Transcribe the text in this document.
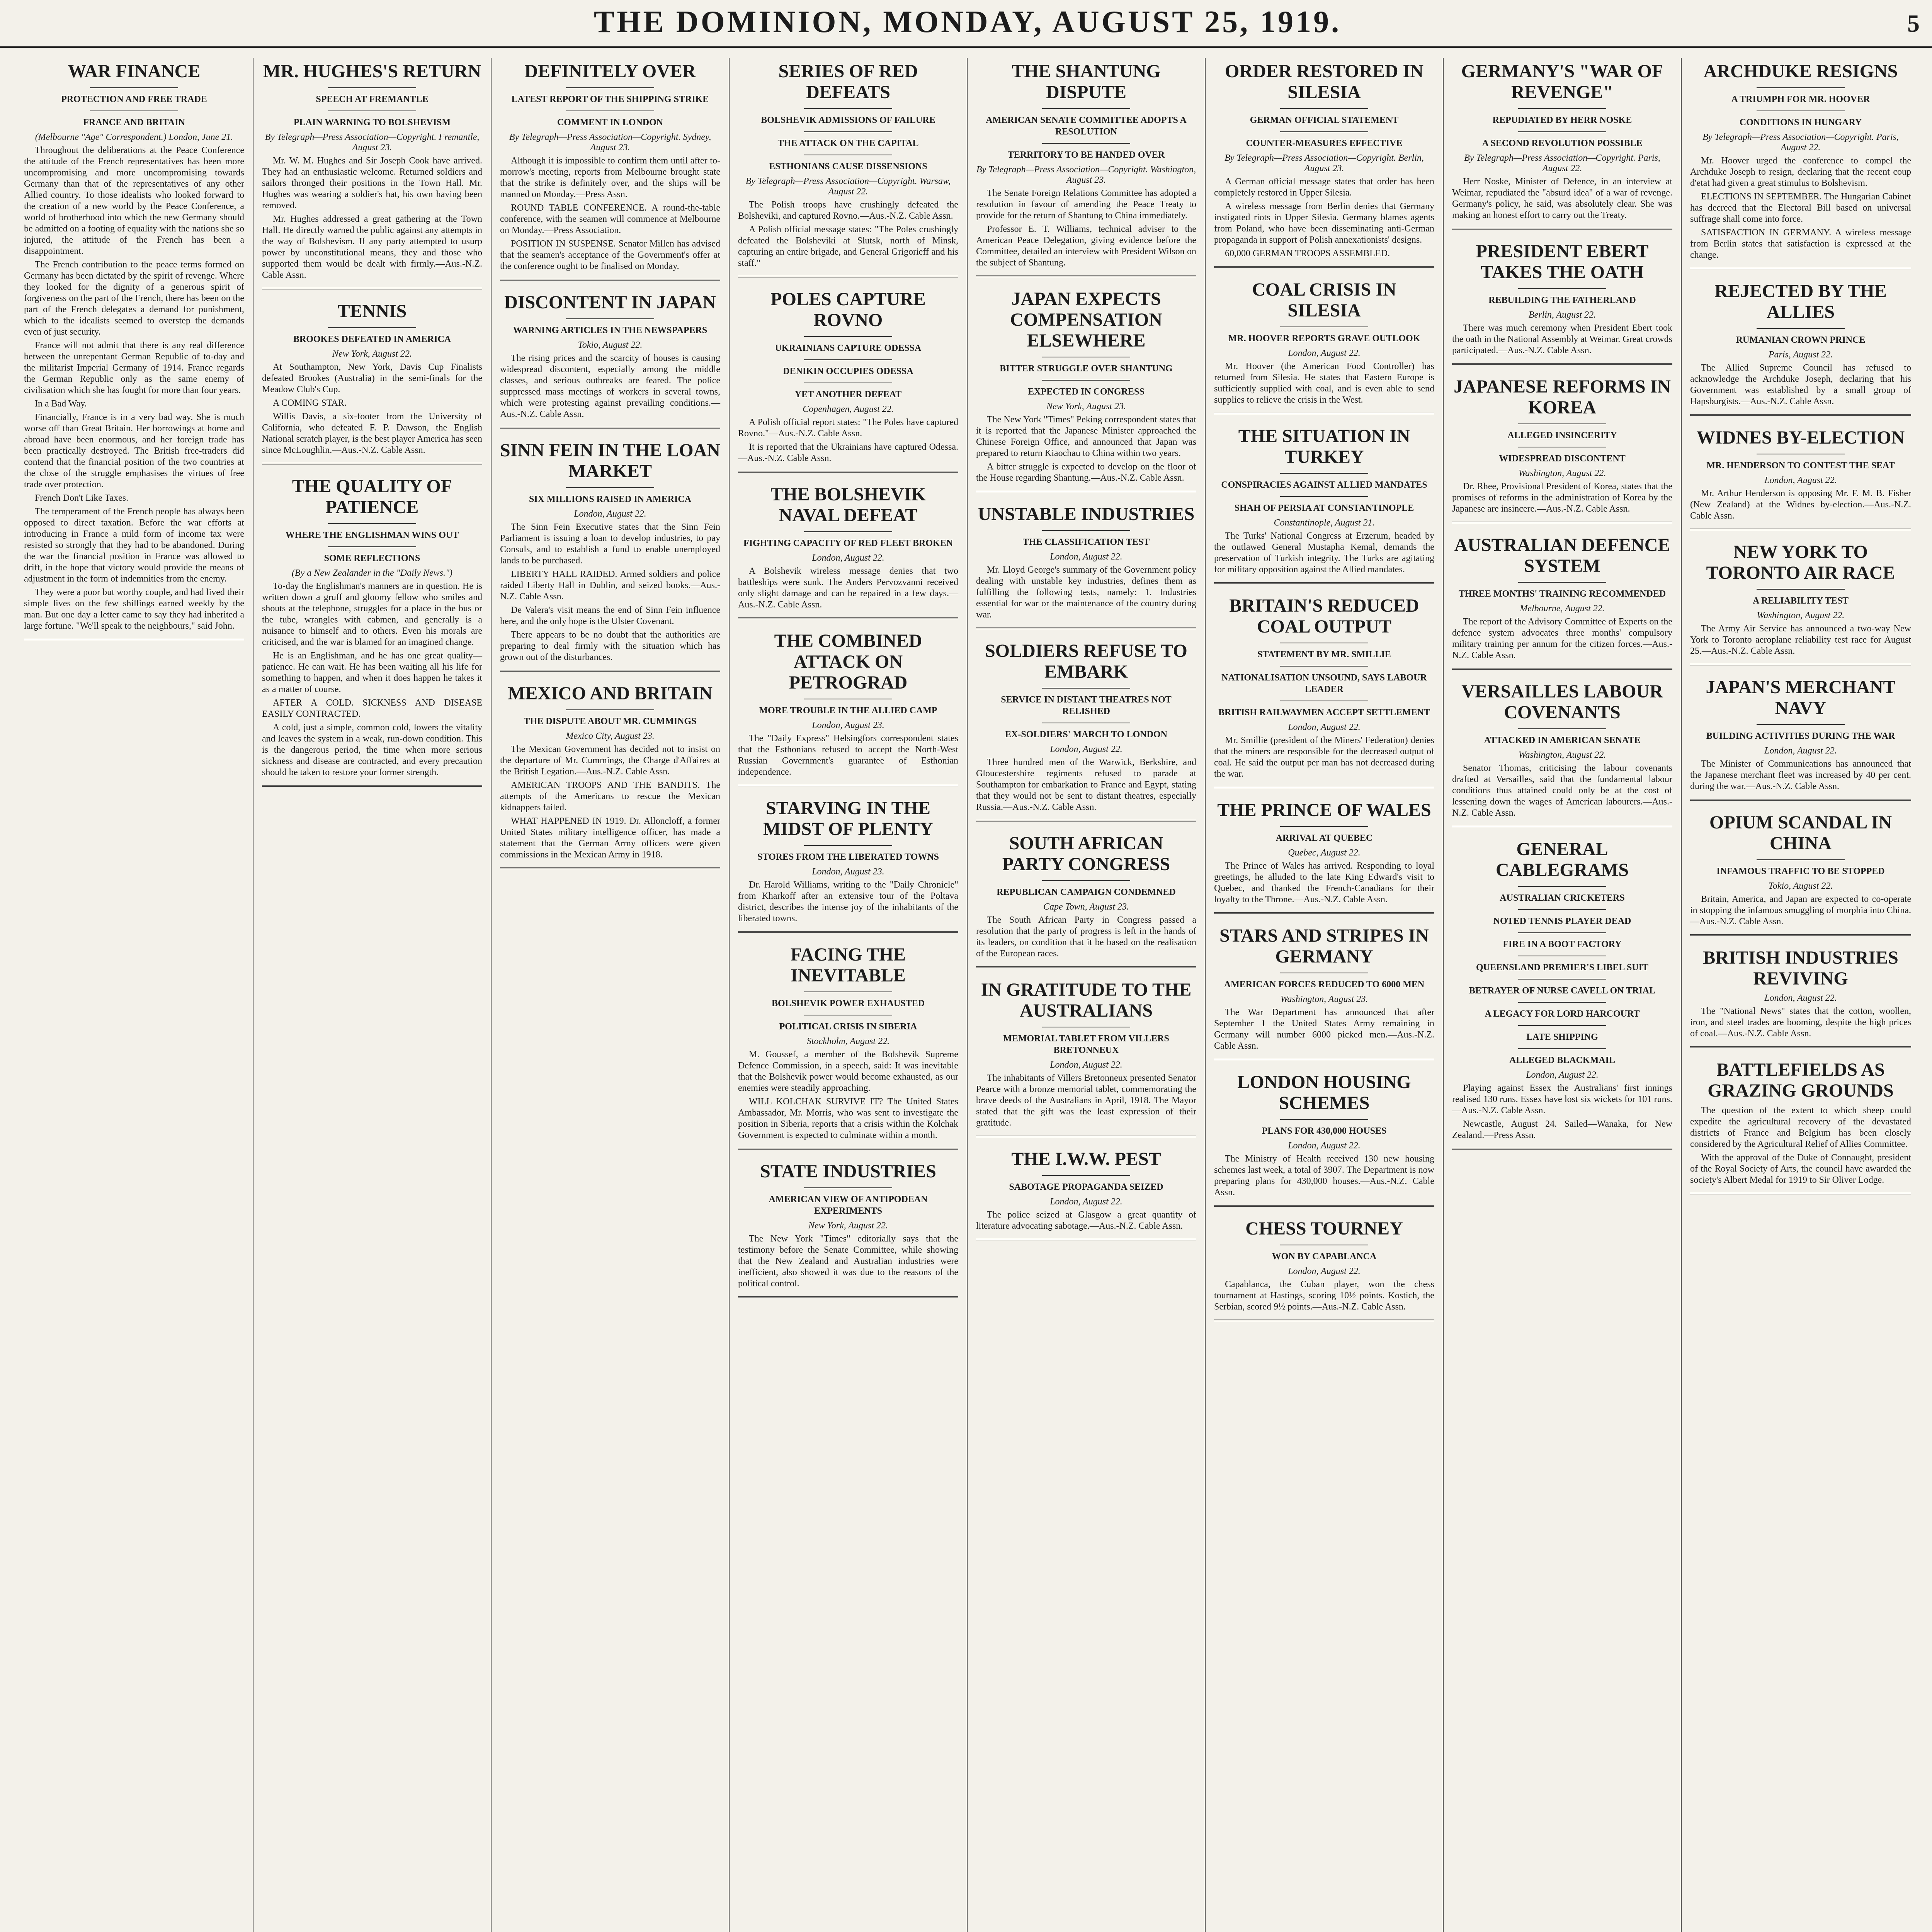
THE DOMINION, MONDAY, AUGUST 25, 1919.	5
WAR FINANCE
PROTECTION AND FREE TRADE
FRANCE AND BRITAIN
(Melbourne "Age" Correspondent.) London, June 21.

Throughout the deliberations at the Peace Conference the attitude of the French representatives has been more uncompromising and more uncompromising towards Germany than that of the representatives of any other Allied country. To those idealists who looked forward to the creation of a new world by the Peace Conference, a world of brotherhood into which the new Germany should be admitted on a footing of equality with the nations she so injured, the attitude of the French has been a disappointment.

The French contribution to the peace terms formed on Germany has been dictated by the spirit of revenge. Where they looked for the dignity of a generous spirit of forgiveness on the part of the French, there has been on the part of the French delegates a demand for punishment, which to the idealists seemed to overstep the demands even of just security.

France will not admit that there is any real difference between the unrepentant German Republic of to-day and the militarist Imperial Germany of 1914. France regards the German Republic only as the same enemy of civilisation which she has fought for more than four years.

In a Bad Way.

Financially, France is in a very bad way. She is much worse off than Great Britain. Her borrowings at home and abroad have been enormous, and her foreign trade has been practically destroyed. The British free-traders did contend that the financial position of the two countries at the close of the struggle emphasises the virtues of free trade over protection.

French Don't Like Taxes.

The temperament of the French people has always been opposed to direct taxation. Before the war efforts at introducing in France a mild form of income tax were resisted so strongly that they had to be abandoned. During the war the financial position in France was allowed to drift, in the hope that victory would provide the means of adjustment in the form of indemnities from the enemy.

They were a poor but worthy couple, and had lived their simple lives on the few shillings earned weekly by the man. But one day a letter came to say they had inherited a large fortune. "We'll speak to the neighbours," said John.

MR. HUGHES'S RETURN
SPEECH AT FREMANTLE
PLAIN WARNING TO BOLSHEVISM
By Telegraph—Press Association—Copyright. Fremantle, August 23.

Mr. W. M. Hughes and Sir Joseph Cook have arrived. They had an enthusiastic welcome. Returned soldiers and sailors thronged their positions in the Town Hall. Mr. Hughes was wearing a soldier's hat, his own having been removed.

Mr. Hughes addressed a great gathering at the Town Hall. He directly warned the public against any attempts in the way of Bolshevism. If any party attempted to usurp power by unconstitutional means, they and those who supported them would be dealt with firmly.—Aus.-N.Z. Cable Assn.

TENNIS
BROOKES DEFEATED IN AMERICA
New York, August 22.

At Southampton, New York, Davis Cup Finalists defeated Brookes (Australia) in the semi-finals for the Meadow Club's Cup.

A COMING STAR.

Willis Davis, a six-footer from the University of California, who defeated F. P. Dawson, the English National scratch player, is the best player America has seen since McLoughlin.—Aus.-N.Z. Cable Assn.

THE QUALITY OF PATIENCE
WHERE THE ENGLISHMAN WINS OUT
SOME REFLECTIONS
(By a New Zealander in the "Daily News.")

To-day the Englishman's manners are in question. He is written down a gruff and gloomy fellow who smiles and shouts at the telephone, struggles for a place in the bus or the tube, wrangles with cabmen, and generally is a nuisance to himself and to others. Even his morals are criticised, and the war is blamed for an imagined change.

He is an Englishman, and he has one great quality—patience. He can wait. He has been waiting all his life for something to happen, and when it does happen he takes it as a matter of course.

AFTER A COLD. SICKNESS AND DISEASE EASILY CONTRACTED.

A cold, just a simple, common cold, lowers the vitality and leaves the system in a weak, run-down condition. This is the dangerous period, the time when more serious sickness and disease are contracted, and every precaution should be taken to restore your former strength.

DEFINITELY OVER
LATEST REPORT OF THE SHIPPING STRIKE
COMMENT IN LONDON
By Telegraph—Press Association—Copyright. Sydney, August 23.

Although it is impossible to confirm them until after to-morrow's meeting, reports from Melbourne brought state that the strike is definitely over, and the ships will be manned on Monday.—Press Assn.

ROUND TABLE CONFERENCE. A round-the-table conference, with the seamen will commence at Melbourne on Monday.—Press Association.

POSITION IN SUSPENSE. Senator Millen has advised that the seamen's acceptance of the Government's offer at the conference ought to be finalised on Monday.

DISCONTENT IN JAPAN
WARNING ARTICLES IN THE NEWSPAPERS
Tokio, August 22.

The rising prices and the scarcity of houses is causing widespread discontent, especially among the middle classes, and serious outbreaks are feared. The police suppressed mass meetings of workers in several towns, which were protesting against prevailing conditions.—Aus.-N.Z. Cable Assn.

SINN FEIN IN THE LOAN MARKET
SIX MILLIONS RAISED IN AMERICA
London, August 22.

The Sinn Fein Executive states that the Sinn Fein Parliament is issuing a loan to develop industries, to pay Consuls, and to establish a fund to enable unemployed lands to be purchased.

LIBERTY HALL RAIDED. Armed soldiers and police raided Liberty Hall in Dublin, and seized books.—Aus.-N.Z. Cable Assn.

De Valera's visit means the end of Sinn Fein influence here, and the only hope is the Ulster Covenant.

There appears to be no doubt that the authorities are preparing to deal firmly with the situation which has grown out of the disturbances.

MEXICO AND BRITAIN
THE DISPUTE ABOUT MR. CUMMINGS
Mexico City, August 23.

The Mexican Government has decided not to insist on the departure of Mr. Cummings, the Charge d'Affaires at the British Legation.—Aus.-N.Z. Cable Assn.

AMERICAN TROOPS AND THE BANDITS. The attempts of the Americans to rescue the Mexican kidnappers failed.

WHAT HAPPENED IN 1919. Dr. Alloncloff, a former United States military intelligence officer, has made a statement that the German Army officers were given commissions in the Mexican Army in 1918.

SERIES OF RED DEFEATS
BOLSHEVIK ADMISSIONS OF FAILURE
THE ATTACK ON THE CAPITAL
ESTHONIANS CAUSE DISSENSIONS
By Telegraph—Press Association—Copyright. Warsaw, August 22.

The Polish troops have crushingly defeated the Bolsheviki, and captured Rovno.—Aus.-N.Z. Cable Assn.

A Polish official message states: "The Poles crushingly defeated the Bolsheviki at Slutsk, north of Minsk, capturing an entire brigade, and General Grigorieff and his staff."

POLES CAPTURE ROVNO
UKRAINIANS CAPTURE ODESSA
DENIKIN OCCUPIES ODESSA
YET ANOTHER DEFEAT
Copenhagen, August 22.

A Polish official report states: "The Poles have captured Rovno."—Aus.-N.Z. Cable Assn.

It is reported that the Ukrainians have captured Odessa.—Aus.-N.Z. Cable Assn.

THE BOLSHEVIK NAVAL DEFEAT
FIGHTING CAPACITY OF RED FLEET BROKEN
London, August 22.

A Bolshevik wireless message denies that two battleships were sunk. The Anders Pervozvanni received only slight damage and can be repaired in a few days.—Aus.-N.Z. Cable Assn.

THE COMBINED ATTACK ON PETROGRAD
MORE TROUBLE IN THE ALLIED CAMP
London, August 23.

The "Daily Express" Helsingfors correspondent states that the Esthonians refused to accept the North-West Russian Government's guarantee of Esthonian independence.

STARVING IN THE MIDST OF PLENTY
STORES FROM THE LIBERATED TOWNS
London, August 23.

Dr. Harold Williams, writing to the "Daily Chronicle" from Kharkoff after an extensive tour of the Poltava district, describes the intense joy of the inhabitants of the liberated towns.

FACING THE INEVITABLE
BOLSHEVIK POWER EXHAUSTED
POLITICAL CRISIS IN SIBERIA
Stockholm, August 22.

M. Goussef, a member of the Bolshevik Supreme Defence Commission, in a speech, said: It was inevitable that the Bolshevik power would become exhausted, as our enemies were steadily approaching.

WILL KOLCHAK SURVIVE IT? The United States Ambassador, Mr. Morris, who was sent to investigate the position in Siberia, reports that a crisis within the Kolchak Government is expected to culminate within a month.

STATE INDUSTRIES
AMERICAN VIEW OF ANTIPODEAN EXPERIMENTS
New York, August 22.

The New York "Times" editorially says that the testimony before the Senate Committee, while showing that the New Zealand and Australian industries were inefficient, also showed it was due to the reasons of the political control.

THE SHANTUNG DISPUTE
AMERICAN SENATE COMMITTEE ADOPTS A RESOLUTION
TERRITORY TO BE HANDED OVER
By Telegraph—Press Association—Copyright. Washington, August 23.

The Senate Foreign Relations Committee has adopted a resolution in favour of amending the Peace Treaty to provide for the return of Shantung to China immediately.

Professor E. T. Williams, technical adviser to the American Peace Delegation, giving evidence before the Committee, detailed an interview with President Wilson on the subject of Shantung.

JAPAN EXPECTS COMPENSATION ELSEWHERE
BITTER STRUGGLE OVER SHANTUNG
EXPECTED IN CONGRESS
New York, August 23.

The New York "Times" Peking correspondent states that it is reported that the Japanese Minister approached the Chinese Foreign Office, and announced that Japan was prepared to return Kiaochau to China within two years.

A bitter struggle is expected to develop on the floor of the House regarding Shantung.—Aus.-N.Z. Cable Assn.

UNSTABLE INDUSTRIES
THE CLASSIFICATION TEST
London, August 22.

Mr. Lloyd George's summary of the Government policy dealing with unstable key industries, defines them as fulfilling the following tests, namely: 1. Industries essential for war or the maintenance of the country during war.

SOLDIERS REFUSE TO EMBARK
SERVICE IN DISTANT THEATRES NOT RELISHED
EX-SOLDIERS' MARCH TO LONDON
London, August 22.

Three hundred men of the Warwick, Berkshire, and Gloucestershire regiments refused to parade at Southampton for embarkation to France and Egypt, stating that they would not be sent to distant theatres, especially Russia.—Aus.-N.Z. Cable Assn.

SOUTH AFRICAN PARTY CONGRESS
REPUBLICAN CAMPAIGN CONDEMNED
Cape Town, August 23.

The South African Party in Congress passed a resolution that the party of progress is left in the hands of its leaders, on condition that it be based on the realisation of the European races.

IN GRATITUDE TO THE AUSTRALIANS
MEMORIAL TABLET FROM VILLERS BRETONNEUX
London, August 22.

The inhabitants of Villers Bretonneux presented Senator Pearce with a bronze memorial tablet, commemorating the brave deeds of the Australians in April, 1918. The Mayor stated that the gift was the least expression of their gratitude.

THE I.W.W. PEST
SABOTAGE PROPAGANDA SEIZED
London, August 22.

The police seized at Glasgow a great quantity of literature advocating sabotage.—Aus.-N.Z. Cable Assn.

ORDER RESTORED IN SILESIA
GERMAN OFFICIAL STATEMENT
COUNTER-MEASURES EFFECTIVE
By Telegraph—Press Association—Copyright. Berlin, August 23.

A German official message states that order has been completely restored in Upper Silesia.

A wireless message from Berlin denies that Germany instigated riots in Upper Silesia. Germany blames agents from Poland, who have been disseminating anti-German propaganda in support of Polish annexationists' designs.

60,000 GERMAN TROOPS ASSEMBLED.

COAL CRISIS IN SILESIA
MR. HOOVER REPORTS GRAVE OUTLOOK
London, August 22.

Mr. Hoover (the American Food Controller) has returned from Silesia. He states that Eastern Europe is sufficiently supplied with coal, and is even able to send supplies to relieve the crisis in the West.

THE SITUATION IN TURKEY
CONSPIRACIES AGAINST ALLIED MANDATES
SHAH OF PERSIA AT CONSTANTINOPLE
Constantinople, August 21.

The Turks' National Congress at Erzerum, headed by the outlawed General Mustapha Kemal, demands the preservation of Turkish integrity. The Turks are agitating for military opposition against the Allied mandates.

BRITAIN'S REDUCED COAL OUTPUT
STATEMENT BY MR. SMILLIE
NATIONALISATION UNSOUND, SAYS LABOUR LEADER
BRITISH RAILWAYMEN ACCEPT SETTLEMENT
London, August 22.

Mr. Smillie (president of the Miners' Federation) denies that the miners are responsible for the decreased output of coal. He said the output per man has not decreased during the war.

THE PRINCE OF WALES
ARRIVAL AT QUEBEC
Quebec, August 22.

The Prince of Wales has arrived. Responding to loyal greetings, he alluded to the late King Edward's visit to Quebec, and thanked the French-Canadians for their loyalty to the Throne.—Aus.-N.Z. Cable Assn.

STARS AND STRIPES IN GERMANY
AMERICAN FORCES REDUCED TO 6000 MEN
Washington, August 23.

The War Department has announced that after September 1 the United States Army remaining in Germany will number 6000 picked men.—Aus.-N.Z. Cable Assn.

LONDON HOUSING SCHEMES
PLANS FOR 430,000 HOUSES
London, August 22.

The Ministry of Health received 130 new housing schemes last week, a total of 3907. The Department is now preparing plans for 430,000 houses.—Aus.-N.Z. Cable Assn.

CHESS TOURNEY
WON BY CAPABLANCA
London, August 22.

Capablanca, the Cuban player, won the chess tournament at Hastings, scoring 10½ points. Kostich, the Serbian, scored 9½ points.—Aus.-N.Z. Cable Assn.

GERMANY'S "WAR OF REVENGE"
REPUDIATED BY HERR NOSKE
A SECOND REVOLUTION POSSIBLE
By Telegraph—Press Association—Copyright. Paris, August 22.

Herr Noske, Minister of Defence, in an interview at Weimar, repudiated the "absurd idea" of a war of revenge. Germany's policy, he said, was absolutely clear. She was making an honest effort to carry out the Treaty.

PRESIDENT EBERT TAKES THE OATH
REBUILDING THE FATHERLAND
Berlin, August 22.

There was much ceremony when President Ebert took the oath in the National Assembly at Weimar. Great crowds participated.—Aus.-N.Z. Cable Assn.

JAPANESE REFORMS IN KOREA
ALLEGED INSINCERITY
WIDESPREAD DISCONTENT
Washington, August 22.

Dr. Rhee, Provisional President of Korea, states that the promises of reforms in the administration of Korea by the Japanese are insincere.—Aus.-N.Z. Cable Assn.

AUSTRALIAN DEFENCE SYSTEM
THREE MONTHS' TRAINING RECOMMENDED
Melbourne, August 22.

The report of the Advisory Committee of Experts on the defence system advocates three months' compulsory military training per annum for the citizen forces.—Aus.-N.Z. Cable Assn.

VERSAILLES LABOUR COVENANTS
ATTACKED IN AMERICAN SENATE
Washington, August 22.

Senator Thomas, criticising the labour covenants drafted at Versailles, said that the fundamental labour conditions thus attained could only be at the cost of lessening down the wages of American labourers.—Aus.-N.Z. Cable Assn.

GENERAL CABLEGRAMS
AUSTRALIAN CRICKETERS
NOTED TENNIS PLAYER DEAD
FIRE IN A BOOT FACTORY
QUEENSLAND PREMIER'S LIBEL SUIT
BETRAYER OF NURSE CAVELL ON TRIAL
A LEGACY FOR LORD HARCOURT
LATE SHIPPING
ALLEGED BLACKMAIL
London, August 22.

Playing against Essex the Australians' first innings realised 130 runs. Essex have lost six wickets for 101 runs.—Aus.-N.Z. Cable Assn.

Newcastle, August 24. Sailed—Wanaka, for New Zealand.—Press Assn.

ARCHDUKE RESIGNS
A TRIUMPH FOR MR. HOOVER
CONDITIONS IN HUNGARY
By Telegraph—Press Association—Copyright. Paris, August 22.

Mr. Hoover urged the conference to compel the Archduke Joseph to resign, declaring that the recent coup d'etat had given a great stimulus to Bolshevism.

ELECTIONS IN SEPTEMBER. The Hungarian Cabinet has decreed that the Electoral Bill based on universal suffrage shall come into force.

SATISFACTION IN GERMANY. A wireless message from Berlin states that satisfaction is expressed at the change.

REJECTED BY THE ALLIES
RUMANIAN CROWN PRINCE
Paris, August 22.

The Allied Supreme Council has refused to acknowledge the Archduke Joseph, declaring that his Government was established by a small group of Hapsburgists.—Aus.-N.Z. Cable Assn.

WIDNES BY-ELECTION
MR. HENDERSON TO CONTEST THE SEAT
London, August 22.

Mr. Arthur Henderson is opposing Mr. F. M. B. Fisher (New Zealand) at the Widnes by-election.—Aus.-N.Z. Cable Assn.

NEW YORK TO TORONTO AIR RACE
A RELIABILITY TEST
Washington, August 22.

The Army Air Service has announced a two-way New York to Toronto aeroplane reliability test race for August 25.—Aus.-N.Z. Cable Assn.

JAPAN'S MERCHANT NAVY
BUILDING ACTIVITIES DURING THE WAR
London, August 22.

The Minister of Communications has announced that the Japanese merchant fleet was increased by 40 per cent. during the war.—Aus.-N.Z. Cable Assn.

OPIUM SCANDAL IN CHINA
INFAMOUS TRAFFIC TO BE STOPPED
Tokio, August 22.

Britain, America, and Japan are expected to co-operate in stopping the infamous smuggling of morphia into China.—Aus.-N.Z. Cable Assn.

BRITISH INDUSTRIES REVIVING
London, August 22.

The "National News" states that the cotton, woollen, iron, and steel trades are booming, despite the high prices of coal.—Aus.-N.Z. Cable Assn.

BATTLEFIELDS AS GRAZING GROUNDS

The question of the extent to which sheep could expedite the agricultural recovery of the devastated districts of France and Belgium has been closely considered by the Agricultural Relief of Allies Committee.

With the approval of the Duke of Connaught, president of the Royal Society of Arts, the council have awarded the society's Albert Medal for 1919 to Sir Oliver Lodge.
